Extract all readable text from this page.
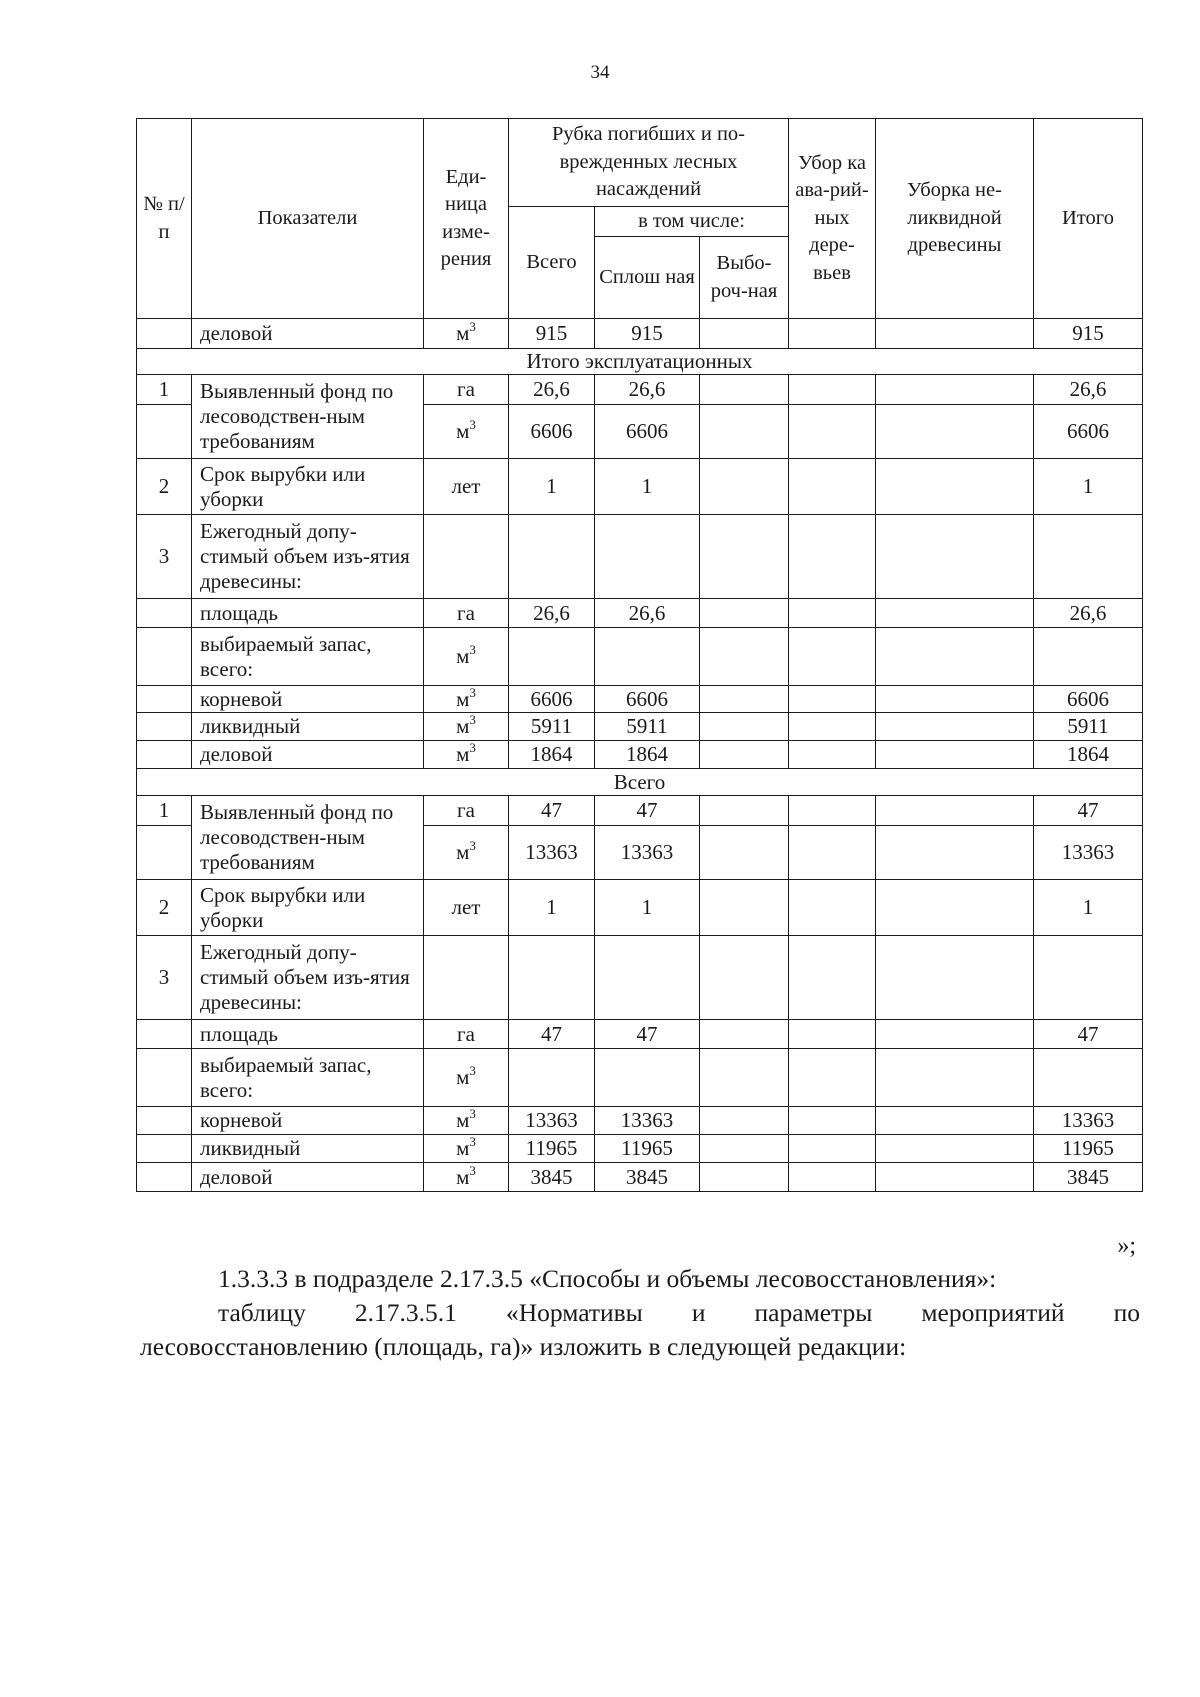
34
№ п/п	Показатели	Еди-ница изме-рения	Рубка погибших и по-врежденных лесных насаждений			Убор ка ава-рий-ных дере-вьев	Уборка не-ликвидной древесины	Итого
			Всего	в том числе:				
				Сплош ная	Выбо-роч-ная			
	деловой	$м^3$	915	915				915
Итого эксплуатационных								
1	Выявленный фонд по лесоводствен-ным требованиям	га	26,6	26,6				26,6
		$м^3$	6606	6606				6606
2	Срок вырубки или уборки	лет	1	1				1
3	Ежегодный допу-стимый объем изъ-ятия древесины:							
	площадь	га	26,6	26,6				26,6
	выбираемый запас, всего:	$м^3$						
	корневой	$м^3$	6606	6606				6606
	ликвидный	$м^3$	5911	5911				5911
	деловой	$м^3$	1864	1864				1864
Всего								
1	Выявленный фонд по лесоводствен-ным требованиям	га	47	47				47
		$м^3$	13363	13363				13363
2	Срок вырубки или уборки	лет	1	1				1
3	Ежегодный допу-стимый объем изъ-ятия древесины:							
	площадь	га	47	47				47
	выбираемый запас, всего:	$м^3$						
	корневой	$м^3$	13363	13363				13363
	ликвидный	$м^3$	11965	11965				11965
	деловой	$м^3$	3845	3845				3845
»;
1.3.3.3 в подразделе 2.17.3.5 «Способы и объемы лесовосстановления»:
таблицу 2.17.3.5.1 «Нормативы и параметры мероприятий по
лесовосстановлению (площадь, га)» изложить в следующей редакции:
